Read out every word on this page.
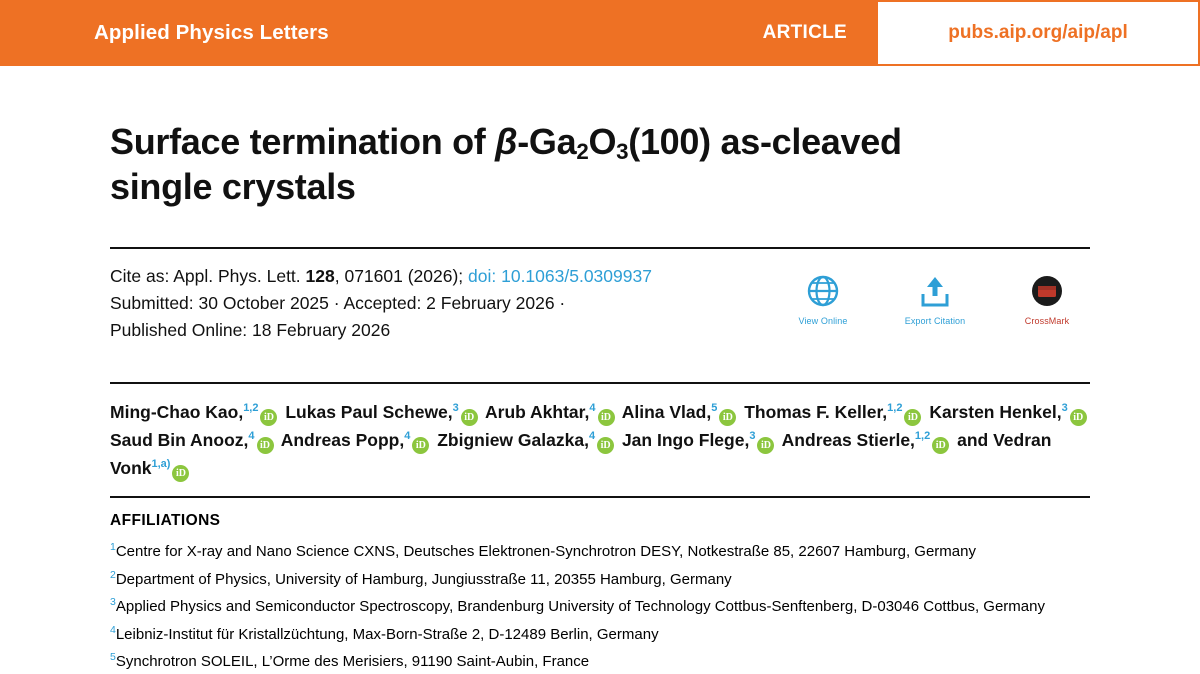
Applied Physics Letters	ARTICLE	pubs.aip.org/aip/apl
Surface termination of $\beta-Ga_2O_3(100)$ as-cleaved
single crystals
Cite as: Appl. Phys. Lett. 128, 071601 (2026); doi: 10.1063/5.0309937
Submitted: 30 October 2025 · Accepted: 2 February 2026 ·
Published Online: 18 February 2026	View Online	Export Citation	CrossMark
Ming-Chao Kao,$^{1,2}$iD Lukas Paul Schewe,$^3$iD Arub Akhtar,$^4$iD Alina Vlad,$^5$iD Thomas F. Keller,$^{1,2}$iD Karsten Henkel,$^3$iD Saud Bin Anooz,$^4$iD Andreas Popp,$^4$iD Zbigniew Galazka,$^4$iD Jan Ingo Flege,$^3$iD Andreas Stierle,$^{1,2}$iD and Vedran Vonk$^{1,a)}$iD
AFFILIATIONS
$^1$Centre for X-ray and Nano Science CXNS, Deutsches Elektronen-Synchrotron DESY, Notkestraße 85, 22607 Hamburg, Germany
$^2$Department of Physics, University of Hamburg, Jungiusstraße 11, 20355 Hamburg, Germany
$^3$Applied Physics and Semiconductor Spectroscopy, Brandenburg University of Technology Cottbus-Senftenberg, D-03046 Cottbus, Germany
$^4$Leibniz-Institut für Kristallzüchtung, Max-Born-Straße 2, D-12489 Berlin, Germany
$^5$Synchrotron SOLEIL, L’Orme des Merisiers, 91190 Saint-Aubin, France
